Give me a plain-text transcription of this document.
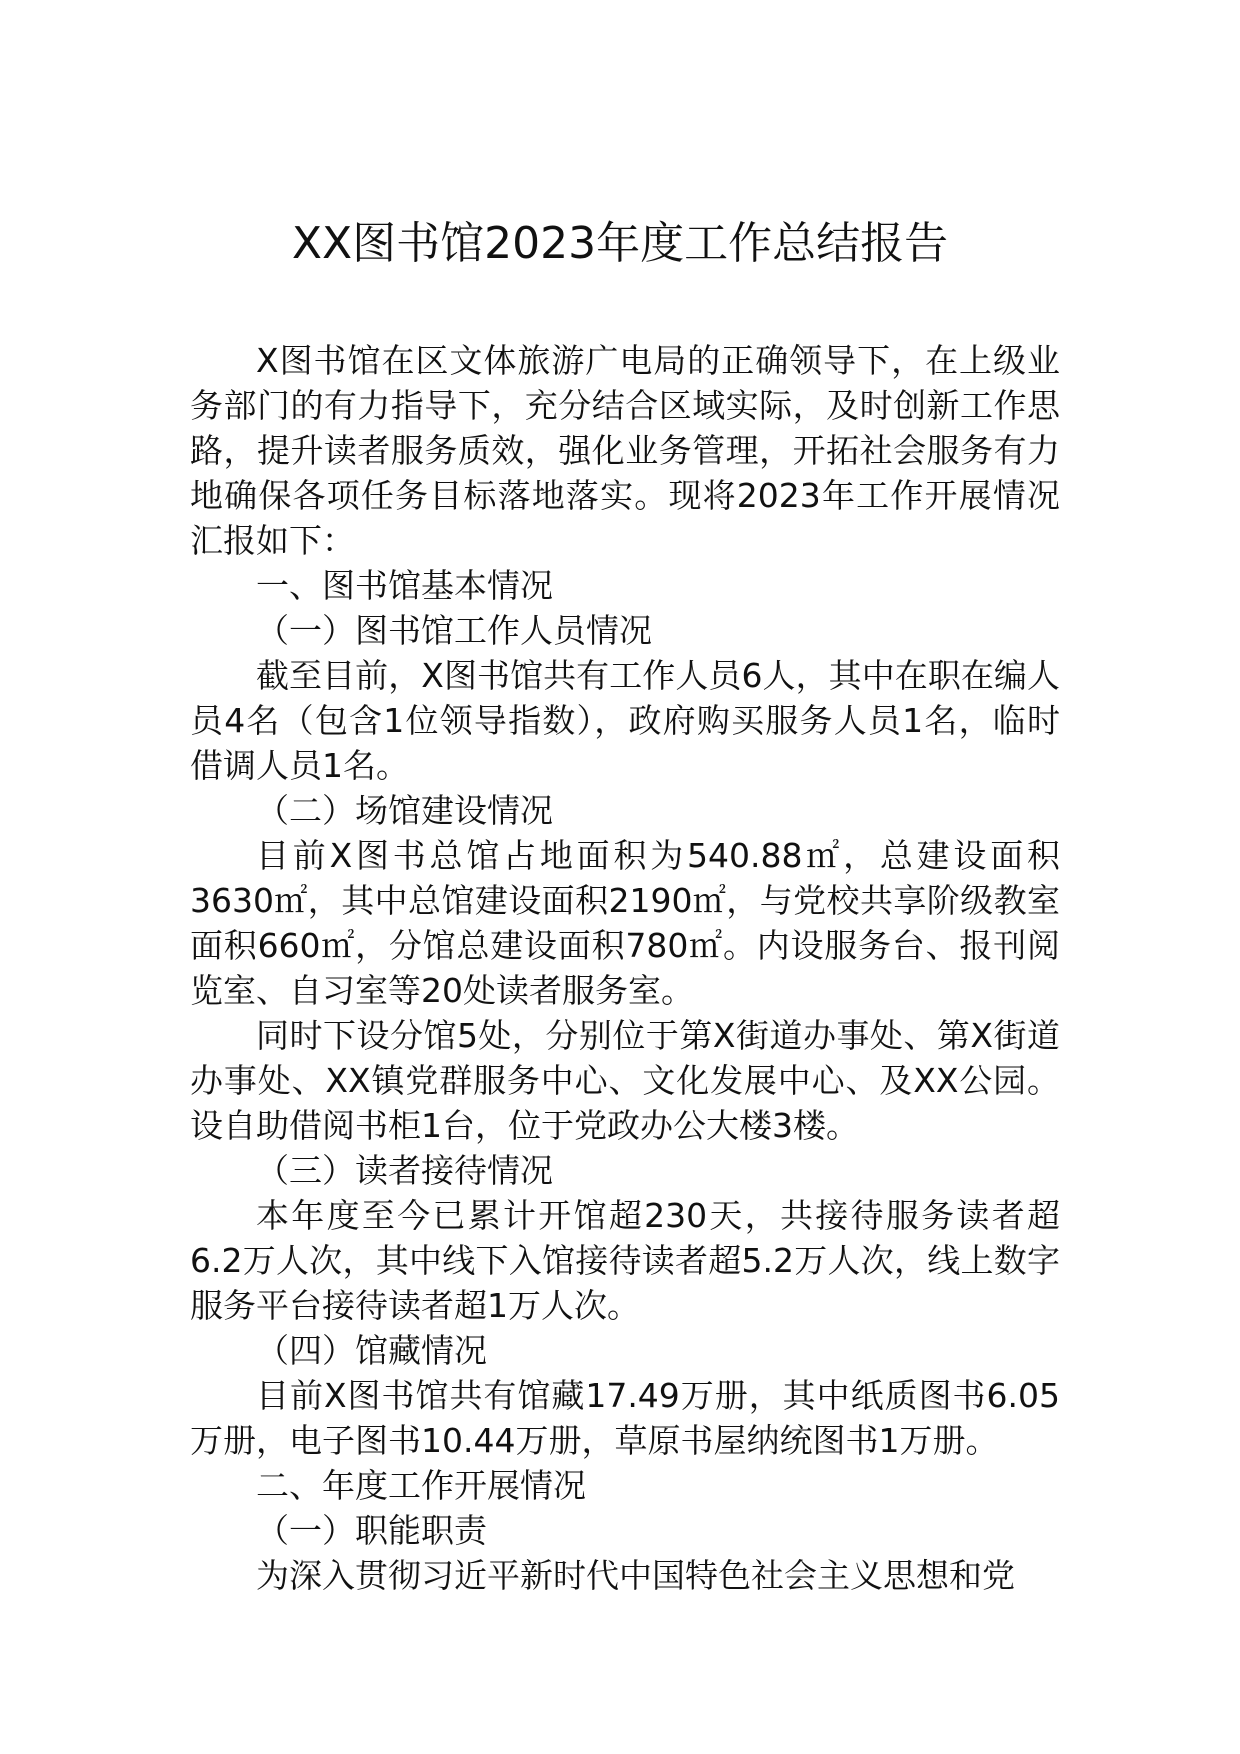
XX图书馆2023年度工作总结报告

X图书馆在区文体旅游广电局的正确领导下，在上级业务部门的有力指导下，充分结合区域实际，及时创新工作思路，提升读者服务质效，强化业务管理，开拓社会服务有力地确保各项任务目标落地落实。现将2023年工作开展情况汇报如下：

一、图书馆基本情况

（一）图书馆工作人员情况

截至目前，X图书馆共有工作人员6人，其中在职在编人员4名（包含1位领导指数），政府购买服务人员1名，临时借调人员1名。

（二）场馆建设情况

目前X图书总馆占地面积为540.88㎡，总建设面积3630㎡，其中总馆建设面积2190㎡，与党校共享阶级教室面积660㎡，分馆总建设面积780㎡。内设服务台、报刊阅览室、自习室等20处读者服务室。

同时下设分馆5处，分别位于第X街道办事处、第X街道办事处、XX镇党群服务中心、文化发展中心、及XX公园。设自助借阅书柜1台，位于党政办公大楼3楼。

（三）读者接待情况

本年度至今已累计开馆超230天，共接待服务读者超6.2万人次，其中线下入馆接待读者超5.2万人次，线上数字服务平台接待读者超1万人次。

（四）馆藏情况

目前X图书馆共有馆藏17.49万册，其中纸质图书6.05万册，电子图书10.44万册，草原书屋纳统图书1万册。

二、年度工作开展情况

（一）职能职责

为深入贯彻习近平新时代中国特色社会主义思想和党
